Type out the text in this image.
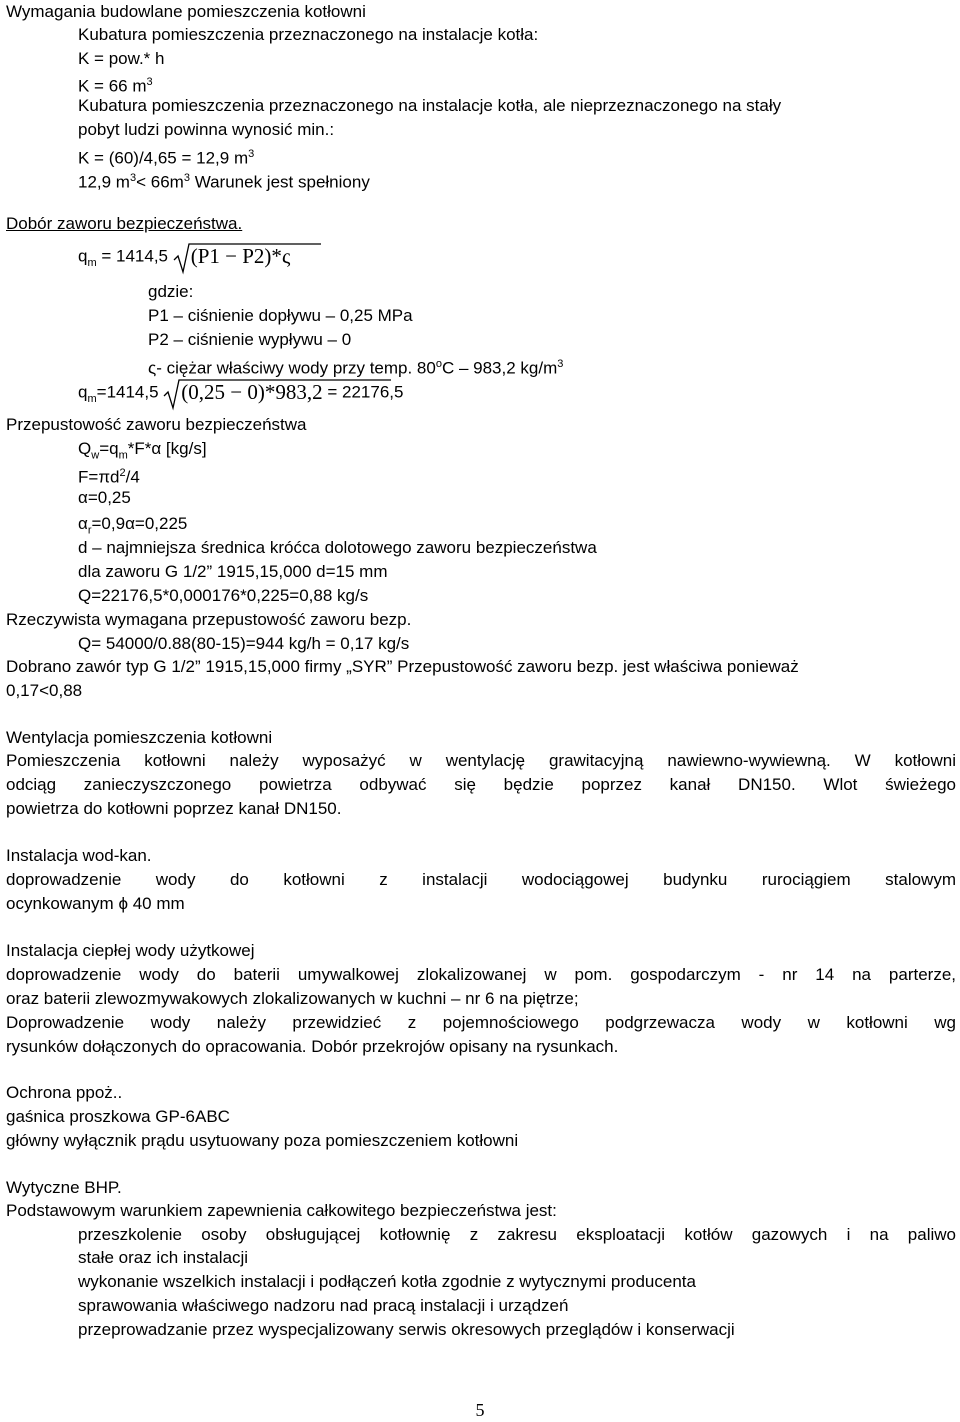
Wymagania budowlane pomieszczenia kotłowni
Kubatura pomieszczenia przeznaczonego na instalacje kotła:
K = pow.* h
K = 66 $m^3$
Kubatura pomieszczenia przeznaczonego na instalacje kotła, ale nieprzeznaczonego na stały
pobyt ludzi powinna wynosić min.:
K = (60)/4,65 = 12,9 $m^3$
12,9 $m^3< 66m^3$ Warunek jest spełniony
Dobór zaworu bezpieczeństwa.
$q_m = 1414,5$
(P1 − P2)*ς
gdzie:
P1 – ciśnienie dopływu – 0,25 MPa
P2 – ciśnienie wypływu – 0
ς- ciężar właściwy wody przy temp. 80$^o$C – 983,2 $kg/m^3$
$q_m=1414,5$
(0,25 − 0)*983,2 = 22176,5
Przepustowość zaworu bezpieczeństwa
$Q_w=q_m*F*\alpha$ [kg/s]
$F=\pi d^2/4$
α=0,25
$\alpha_r=0,9\alpha=0,225$
d – najmniejsza średnica króćca dolotowego zaworu bezpieczeństwa
dla zaworu G 1/2” 1915,15,000 d=15 mm
Q=22176,5*0,000176*0,225=0,88 kg/s
Rzeczywista wymagana przepustowość zaworu bezp.
Q= 54000/0.88(80-15)=944 kg/h = 0,17 kg/s
Dobrano zawór typ G 1/2” 1915,15,000 firmy „SYR” Przepustowość zaworu bezp. jest właściwa ponieważ
0,17<0,88
Wentylacja pomieszczenia kotłowni
Pomieszczenia kotłowni należy wyposażyć w wentylację grawitacyjną nawiewno-wywiewną. W kotłowni
odciąg zanieczyszczonego powietrza odbywać się będzie poprzez kanał DN150. Wlot świeżego
powietrza do kotłowni poprzez kanał DN150.
Instalacja wod-kan.
doprowadzenie wody do kotłowni z instalacji wodociągowej budynku rurociągiem stalowym
ocynkowanym ϕ 40 mm
Instalacja ciepłej wody użytkowej
doprowadzenie wody do baterii umywalkowej zlokalizowanej w pom. gospodarczym - nr 14 na parterze,
oraz baterii zlewozmywakowych zlokalizowanych w kuchni – nr 6 na piętrze;
Doprowadzenie wody należy przewidzieć z pojemnościowego podgrzewacza wody w kotłowni wg
rysunków dołączonych do opracowania. Dobór przekrojów opisany na rysunkach.
Ochrona ppoż..
gaśnica proszkowa GP-6ABC
główny wyłącznik prądu usytuowany poza pomieszczeniem kotłowni
Wytyczne BHP.
Podstawowym warunkiem zapewnienia całkowitego bezpieczeństwa jest:
przeszkolenie osoby obsługującej kotłownię z zakresu eksploatacji kotłów gazowych i na paliwo
stałe oraz ich instalacji
wykonanie wszelkich instalacji i podłączeń kotła zgodnie z wytycznymi producenta
sprawowania właściwego nadzoru nad pracą instalacji i urządzeń
przeprowadzanie przez wyspecjalizowany serwis okresowych przeglądów i konserwacji
5
